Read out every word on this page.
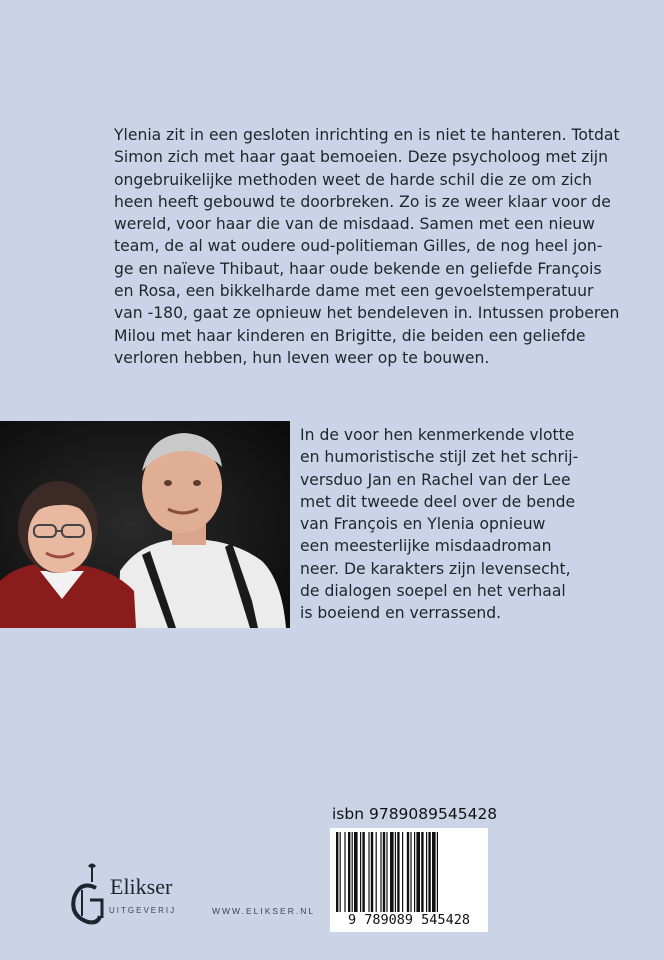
Ylenia zit in een gesloten inrichting en is niet te hanteren. Totdat

Simon zich met haar gaat bemoeien. Deze psycholoog met zijn

ongebruikelijke methoden weet de harde schil die ze om zich

heen heeft gebouwd te doorbreken. Zo is ze weer klaar voor de

wereld, voor haar die van de misdaad. Samen met een nieuw

team, de al wat oudere oud-politieman Gilles, de nog heel jon-

ge en naïeve Thibaut, haar oude bekende en geliefde François

en Rosa, een bikkelharde dame met een gevoelstemperatuur

van -180, gaat ze opnieuw het bendeleven in. Intussen proberen

Milou met haar kinderen en Brigitte, die beiden een geliefde

verloren hebben, hun leven weer op te bouwen.

In de voor hen kenmerkende vlotte

en humoristische stijl zet het schrij-

versduo Jan en Rachel van der Lee

met dit tweede deel over de bende

van François en Ylenia opnieuw

een meesterlijke misdaadroman

neer. De karakters zijn levensecht,

de dialogen soepel en het verhaal

is boeiend en verrassend.

Elikser
UITGEVERIJ	WWW.ELIKSER.NL
isbn 9789089545428
9 789089 545428
